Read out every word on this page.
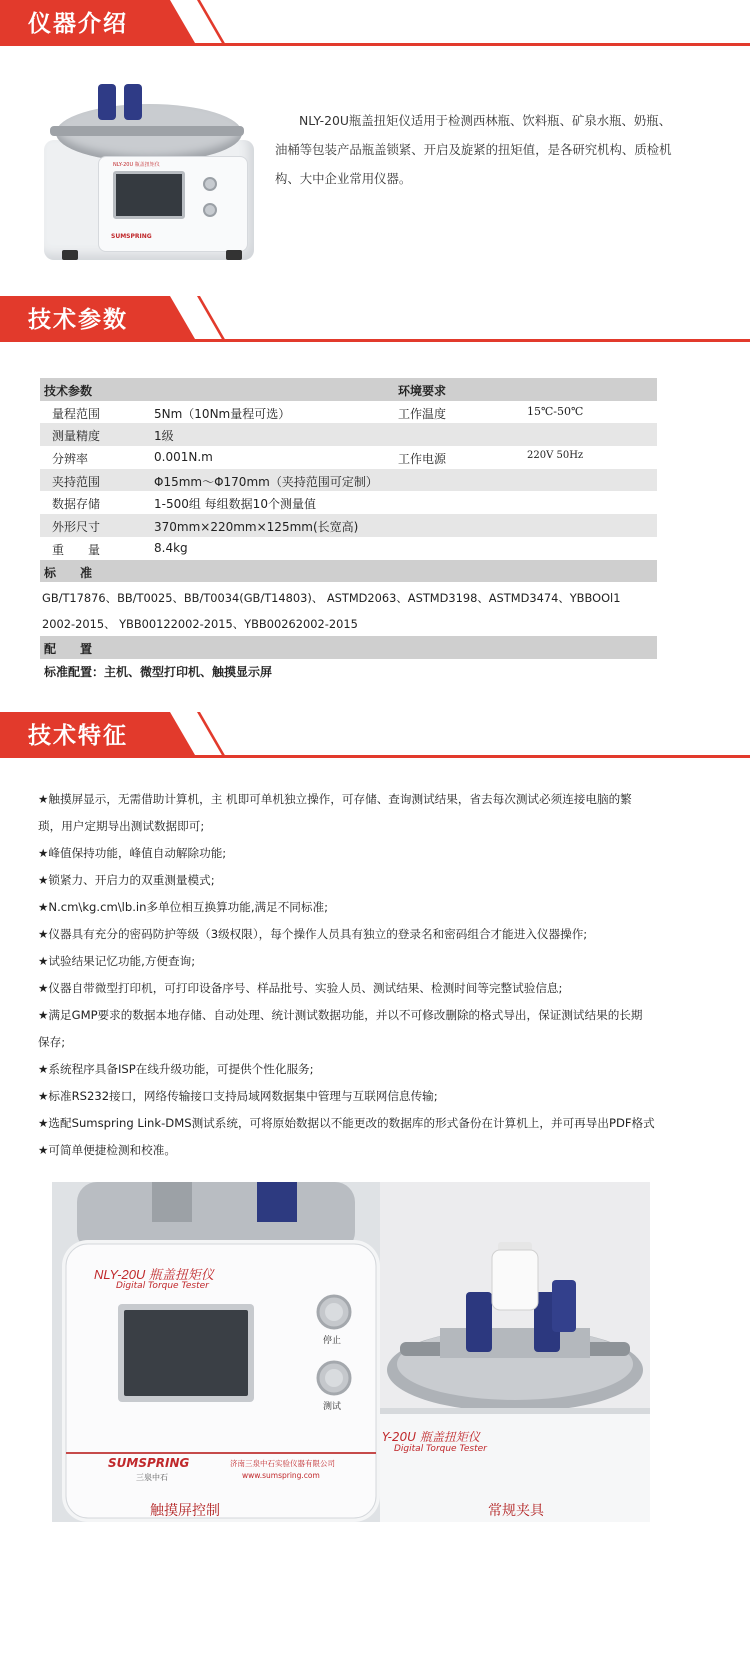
仪器介绍
NLY-20U 瓶盖扭矩仪
SUMSPRING
NLY-20U瓶盖扭矩仪适用于检测西林瓶、饮料瓶、矿泉水瓶、奶瓶、油桶等包装产品瓶盖锁紧、开启及旋紧的扭矩值，是各研究机构、质检机构、大中企业常用仪器。
技术参数
技术参数	环境要求
量程范围	5Nm（10Nm量程可选）	工作温度	15℃-50℃
测量精度	1级
分辨率	0.001N.m	工作电源	220V 50Hz
夹持范围	Φ15mm～Φ170mm（夹持范围可定制）
数据存储	1-500组 每组数据10个测量值
外形尺寸	370mm×220mm×125mm(长宽高)
重　　量	8.4kg
标　　准
GB/T17876、BB/T0025、BB/T0034(GB/T14803)、 ASTMD2063、ASTMD3198、ASTMD3474、YBBOOl1
2002-2015、 YBB00122002-2015、YBB00262002-2015
配　　置
标准配置：主机、微型打印机、触摸显示屏
技术特征
★触摸屏显示，无需借助计算机，主 机即可单机独立操作，可存储、查询测试结果，省去每次测试必须连接电脑的繁
琐，用户定期导出测试数据即可;
★峰值保持功能，峰值自动解除功能;
★锁紧力、开启力的双重测量模式;
★N.cm\kg.cm\lb.in多单位相互换算功能,满足不同标准;
★仪器具有充分的密码防护等级（3级权限），每个操作人员具有独立的登录名和密码组合才能进入仪器操作;
★试验结果记忆功能,方便查询;
★仪器自带微型打印机，可打印设备序号、样品批号、实验人员、测试结果、检测时间等完整试验信息;
★满足GMP要求的数据本地存储、自动处理、统计测试数据功能，并以不可修改删除的格式导出，保证测试结果的长期
保存;
★系统程序具备ISP在线升级功能，可提供个性化服务;
★标准RS232接口，网络传输接口支持局域网数据集中管理与互联网信息传输;
★选配Sumspring Link-DMS测试系统，可将原始数据以不能更改的数据库的形式备份在计算机上，并可再导出PDF格式
★可简单便捷检测和校准。
NLY-20U 瓶盖扭矩仪
Digital Torque Tester
停止
测试
SUMSPRING
三泉中石
济南三泉中石实验仪器有限公司
www.sumspring.com
Y-20U 瓶盖扭矩仪
Digital Torque Tester
触摸屏控制	常规夹具
